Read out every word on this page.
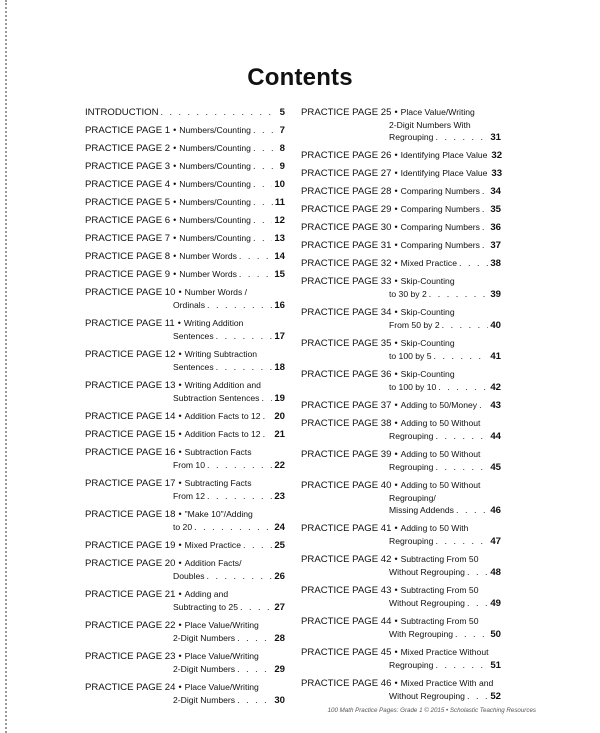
Contents
INTRODUCTION . . .	5
PRACTICE PAGE 1 • Numbers/Counting . . .	7
PRACTICE PAGE 2 • Numbers/Counting . . .	8
PRACTICE PAGE 3 • Numbers/Counting . . .	9
PRACTICE PAGE 4 • Numbers/Counting . . . 10
PRACTICE PAGE 5 • Numbers/Counting . . . 11
PRACTICE PAGE 6 • Numbers/Counting . . . 12
PRACTICE PAGE 7 • Numbers/Counting . . . 13
PRACTICE PAGE 8 • Number Words . . .	14
PRACTICE PAGE 9 • Number Words . . .	15
PRACTICE PAGE 10 • Number Words /
Ordinals . . .	16
PRACTICE PAGE 11 • Writing Addition
Sentences . . .	17
PRACTICE PAGE 12 • Writing Subtraction
Sentences . . .	18
PRACTICE PAGE 13 • Writing Addition and
Subtraction Sentences . . . 19
PRACTICE PAGE 14 • Addition Facts to 12 . . . 20
PRACTICE PAGE 15 • Addition Facts to 12 . . . 21
PRACTICE PAGE 16 • Subtraction Facts
From 10 . . .	22
PRACTICE PAGE 17 • Subtracting Facts
From 12 . . .	23
PRACTICE PAGE 18 • "Make 10"/Adding
to 20 . . .	24
PRACTICE PAGE 19 • Mixed Practice . . .	25
PRACTICE PAGE 20 • Addition Facts/
Doubles . . .	26
PRACTICE PAGE 21 • Adding and
Subtracting to 25 . . .	27
PRACTICE PAGE 22 • Place Value/Writing
2-Digit Numbers . . .	28
PRACTICE PAGE 23 • Place Value/Writing
2-Digit Numbers . . .	29
PRACTICE PAGE 24 • Place Value/Writing
2-Digit Numbers . . .	30
PRACTICE PAGE 25 • Place Value/Writing
2-Digit Numbers With
Regrouping . . .	31
PRACTICE PAGE 26 • Identifying Place Value 32
PRACTICE PAGE 27 • Identifying Place Value 33
PRACTICE PAGE 28 • Comparing Numbers . . . 34
PRACTICE PAGE 29 • Comparing Numbers . . . 35
PRACTICE PAGE 30 • Comparing Numbers . . . 36
PRACTICE PAGE 31 • Comparing Numbers . . . 37
PRACTICE PAGE 32 • Mixed Practice . . .	38
PRACTICE PAGE 33 • Skip-Counting
to 30 by 2 . . .	39
PRACTICE PAGE 34 • Skip-Counting
From 50 by 2 . . .	40
PRACTICE PAGE 35 • Skip-Counting
to 100 by 5 . . .	41
PRACTICE PAGE 36 • Skip-Counting
to 100 by 10 . . .	42
PRACTICE PAGE 37 • Adding to 50/Money . . . 43
PRACTICE PAGE 38 • Adding to 50 Without
Regrouping . . .	44
PRACTICE PAGE 39 • Adding to 50 Without
Regrouping . . .	45
PRACTICE PAGE 40 • Adding to 50 Without
Regrouping/
Missing Addends . . .	46
PRACTICE PAGE 41 • Adding to 50 With
Regrouping . . .	47
PRACTICE PAGE 42 • Subtracting From 50
Without Regrouping . . .	48
PRACTICE PAGE 43 • Subtracting From 50
Without Regrouping . . .	49
PRACTICE PAGE 44 • Subtracting From 50
With Regrouping . . .	50
PRACTICE PAGE 45 • Mixed Practice Without
Regrouping . . .	51
PRACTICE PAGE 46 • Mixed Practice With and
Without Regrouping . . .	52
100 Math Practice Pages: Grade 1 © 2015 • Scholastic Teaching Resources
